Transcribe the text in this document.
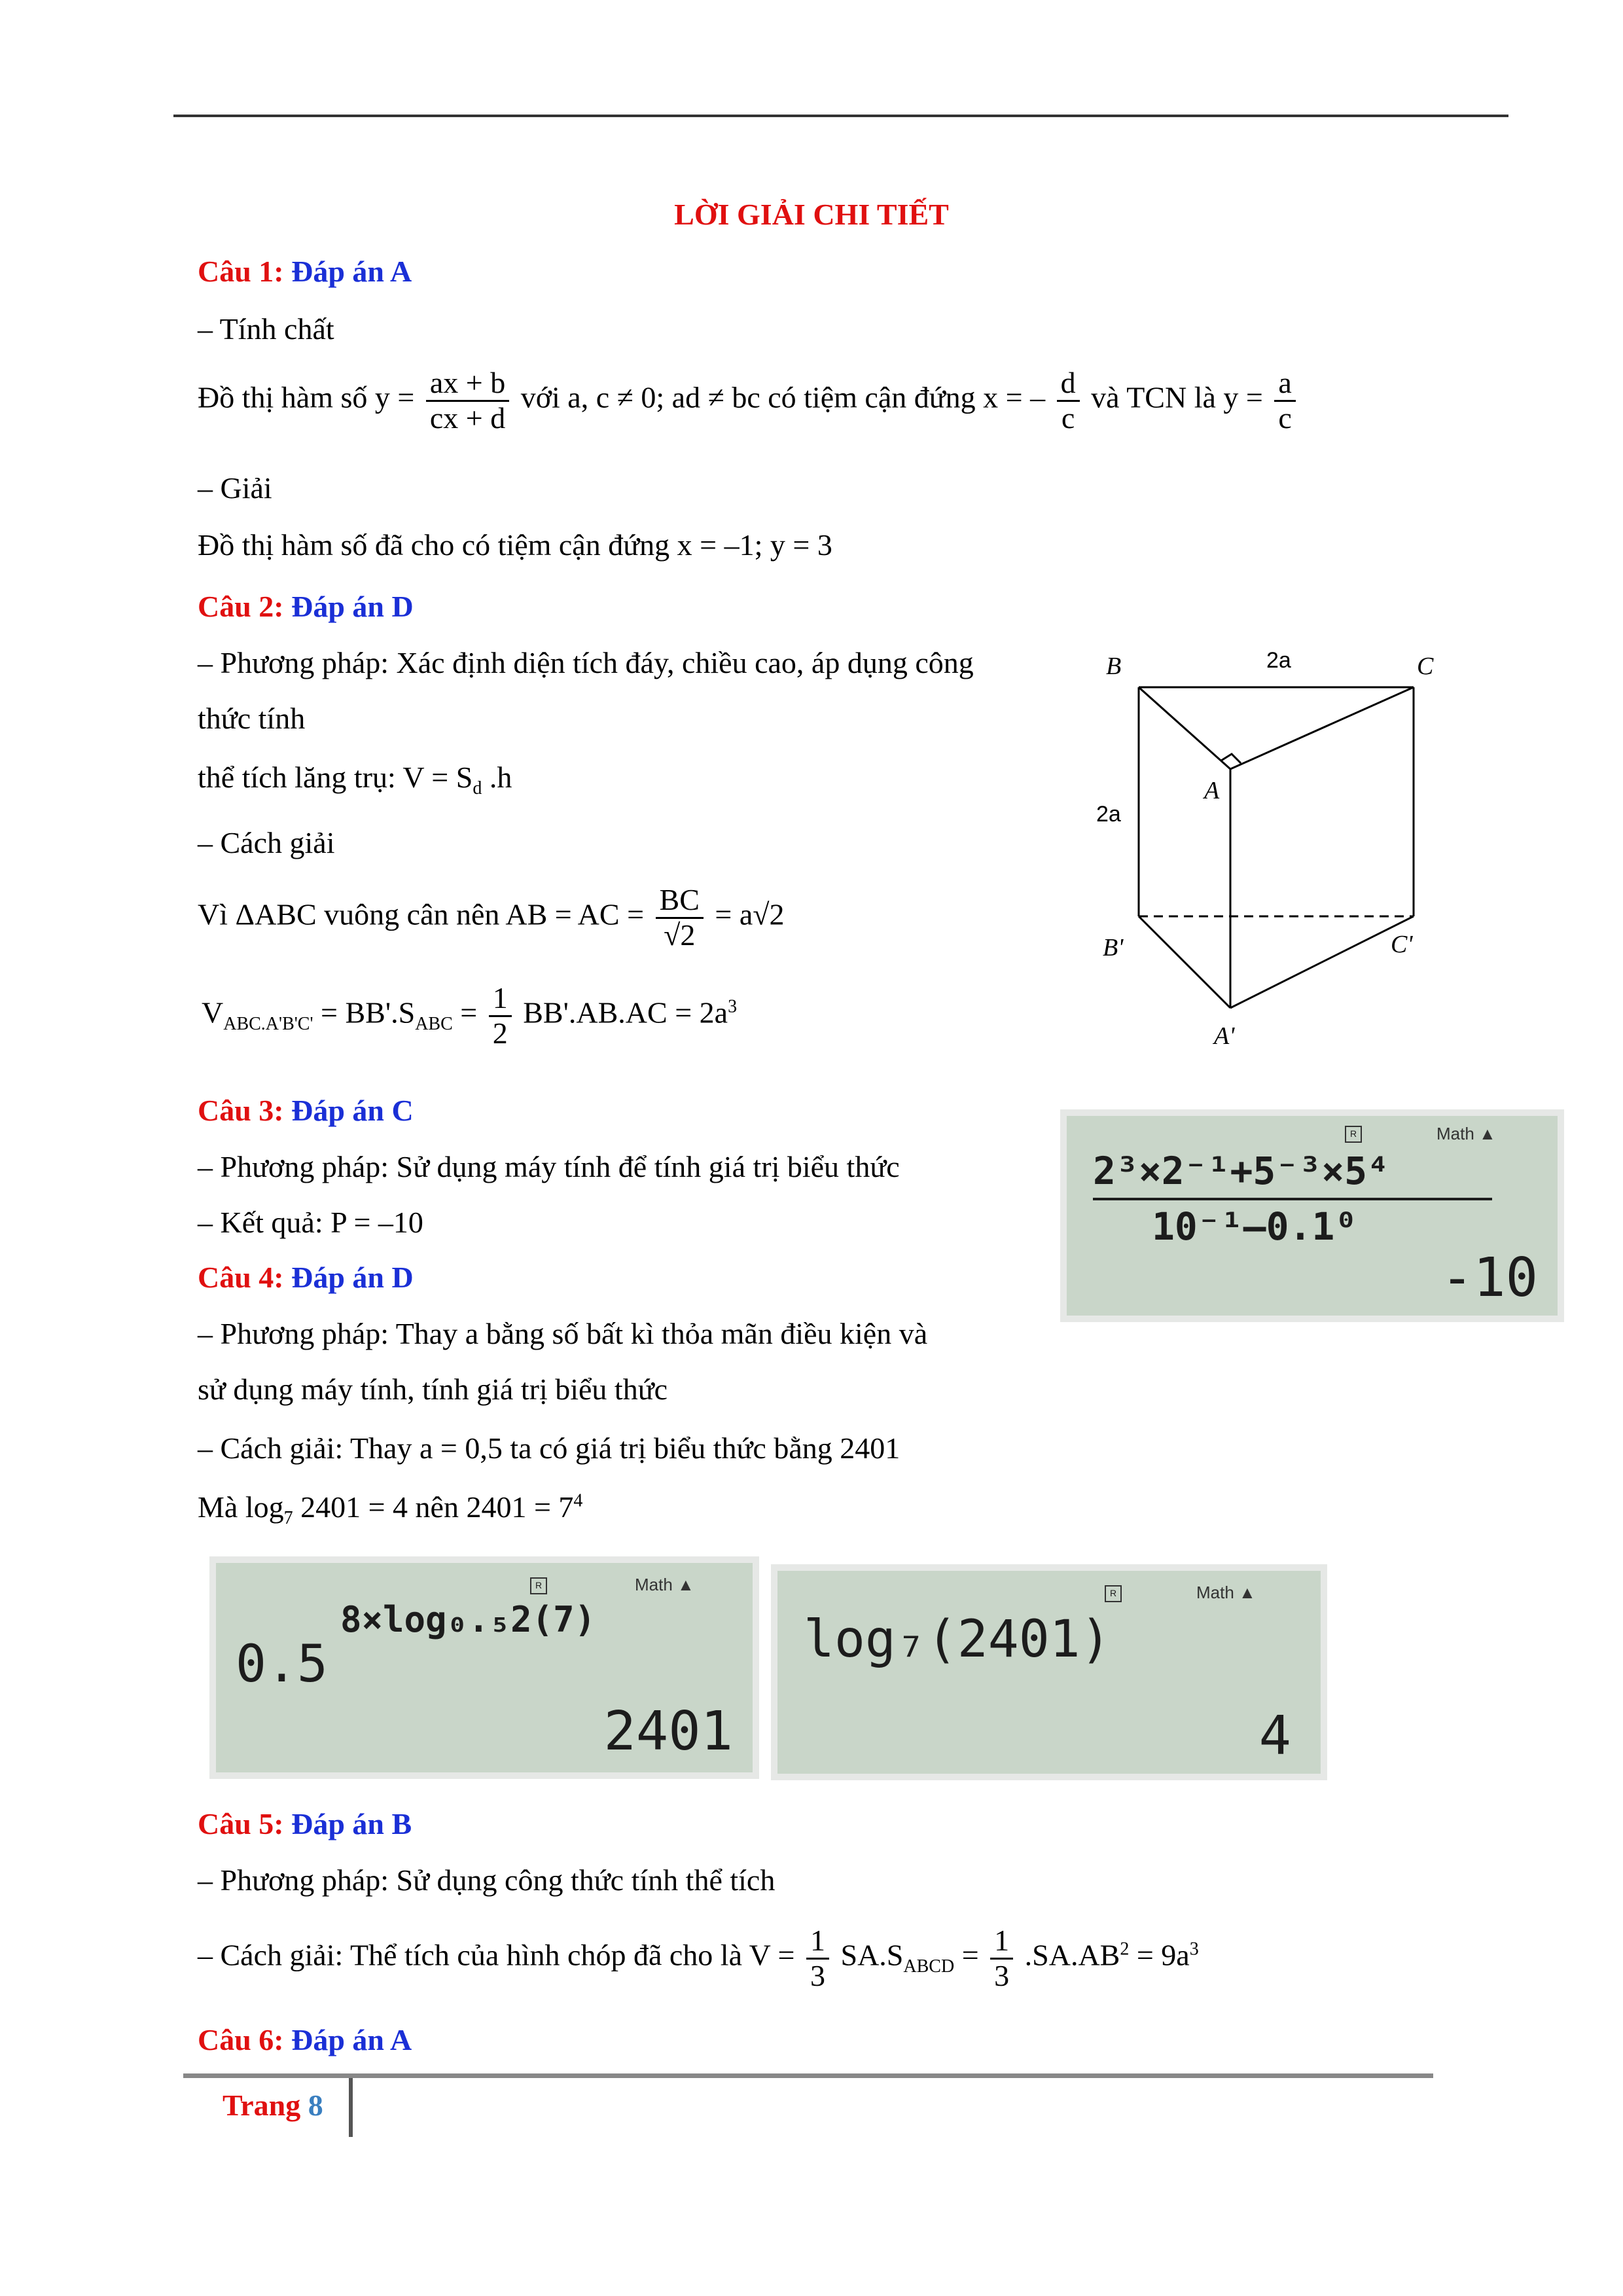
LỜI GIẢI CHI TIẾT
Câu 1: Đáp án A
– Tính chất
Đồ thị hàm số $y = \frac{ax + b}{cx + d}$ với a, c ≠ 0; ad ≠ bc có tiệm cận đứng x = – $\frac{d}{c}$ và TCN là $y = \frac{a}{c}$
– Giải
Đồ thị hàm số đã cho có tiệm cận đứng x = –1; y = 3
Câu 2: Đáp án D
– Phương pháp: Xác định diện tích đáy, chiều cao, áp dụng công
thức tính
thể tích lăng trụ: $V = S_d$ .h
– Cách giải
Vì ΔABC vuông cân nên AB = AC = $\frac{BC}{√2} = a√2$
$V_{ABC.A'B'C'} = BB'.S_{ABC} = \frac{1}{2} BB'.AB.AC = 2a^3$
B	C
A
B'	C'
A'
2a
2a
Câu 3: Đáp án C
– Phương pháp: Sử dụng máy tính để tính giá trị biểu thức
– Kết quả: P = –10
R	Math ▲
2³×2⁻¹+5⁻³×5⁴
10⁻¹–0.1⁰
-10
Câu 4: Đáp án D
– Phương pháp: Thay a bằng số bất kì thỏa mãn điều kiện và
sử dụng máy tính, tính giá trị biểu thức
– Cách giải: Thay a = 0,5 ta có giá trị biểu thức bằng 2401
Mà $\log_7 2401 = 4$ nên $2401 = 7^4$
R	Math ▲
0.5
8×log₀.₅2(7)
2401
R	Math ▲
log₇(2401)
4
Câu 5: Đáp án B
– Phương pháp: Sử dụng công thức tính thể tích
– Cách giải: Thể tích của hình chóp đã cho là $V = \frac{1}{3} SA.S_{ABCD} = \frac{1}{3} .SA.AB^2 = 9a^3$
Câu 6: Đáp án A
Trang 8
